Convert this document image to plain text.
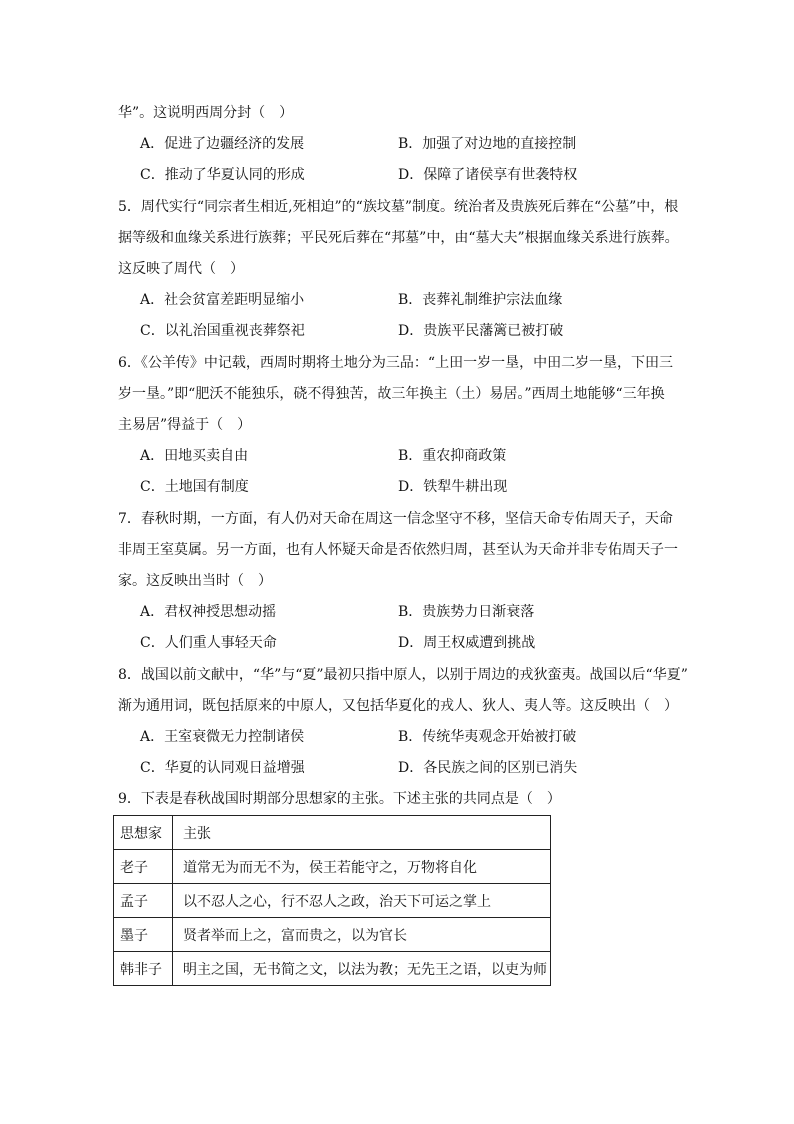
华”。这说明西周分封（　）
A．促进了边疆经济的发展	B．加强了对边地的直接控制
C．推动了华夏认同的形成	D．保障了诸侯享有世袭特权
5．周代实行“同宗者生相近,死相迫”的“族坟墓”制度。统治者及贵族死后葬在“公墓”中，根
据等级和血缘关系进行族葬；平民死后葬在“邦墓”中，由“墓大夫”根据血缘关系进行族葬。
这反映了周代（　）
A．社会贫富差距明显缩小	B．丧葬礼制维护宗法血缘
C．以礼治国重视丧葬祭祀	D．贵族平民藩篱已被打破
6．《公羊传》中记载，西周时期将土地分为三品：“上田一岁一垦，中田二岁一垦，下田三
岁一垦。”即“肥沃不能独乐，硗不得独苦，故三年换主（土）易居。”西周土地能够“三年换
主易居”得益于（　）
A．田地买卖自由	B．重农抑商政策
C．土地国有制度	D．铁犁牛耕出现
7．春秋时期，一方面，有人仍对天命在周这一信念坚守不移，坚信天命专佑周天子，天命
非周王室莫属。另一方面，也有人怀疑天命是否依然归周，甚至认为天命并非专佑周天子一
家。这反映出当时（　）
A．君权神授思想动摇	B．贵族势力日渐衰落
C．人们重人事轻天命	D．周王权威遭到挑战
8．战国以前文献中，“华”与“夏”最初只指中原人，以别于周边的戎狄蛮夷。战国以后“华夏”
渐为通用词，既包括原来的中原人，又包括华夏化的戎人、狄人、夷人等。这反映出（　）
A．王室衰微无力控制诸侯	B．传统华夷观念开始被打破
C．华夏的认同观日益增强	D．各民族之间的区别已消失
9．下表是春秋战国时期部分思想家的主张。下述主张的共同点是（　）
思想家	主张
老子	道常无为而无不为，侯王若能守之，万物将自化
孟子	以不忍人之心，行不忍人之政，治天下可运之掌上
墨子	贤者举而上之，富而贵之，以为官长
韩非子	明主之国，无书简之文，以法为教；无先王之语，以吏为师
